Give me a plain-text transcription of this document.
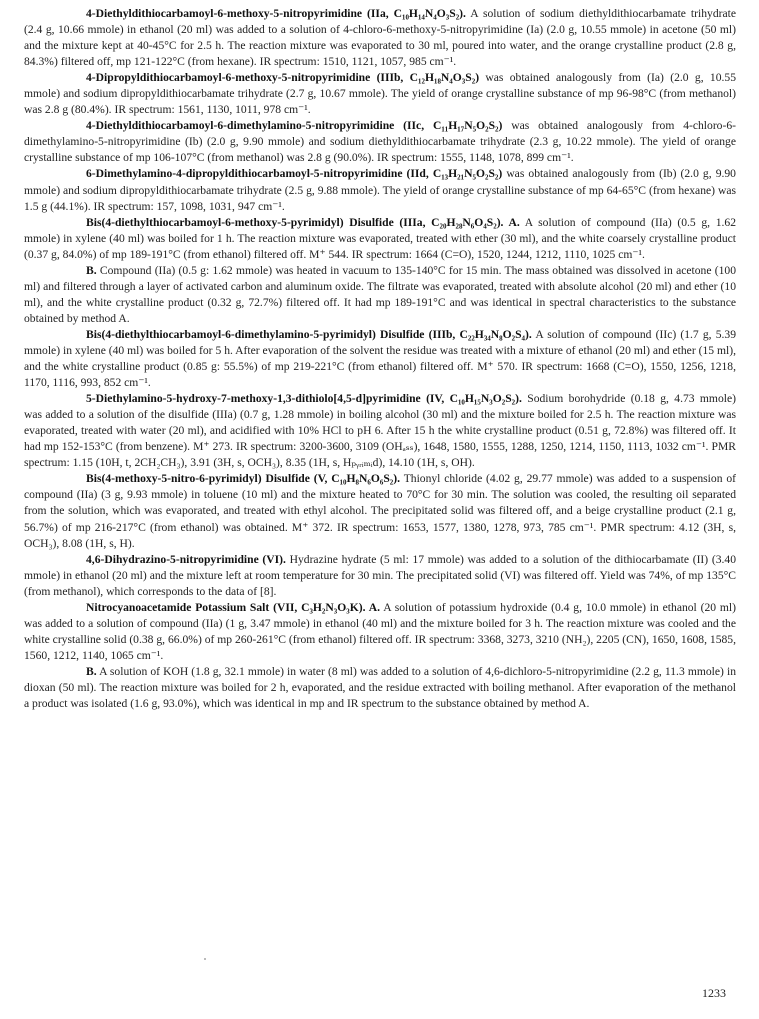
4-Diethyldithiocarbamoyl-6-methoxy-5-nitropyrimidine (IIa, C₁₀H₁₄N₄O₃S₂). A solution of sodium diethyldithiocarbamate trihydrate (2.4 g, 10.66 mmole) in ethanol (20 ml) was added to a solution of 4-chloro-6-methoxy-5-nitropyrimidine (Ia) (2.0 g, 10.55 mmole) in acetone (50 ml) and the mixture kept at 40-45°C for 2.5 h. The reaction mixture was evaporated to 30 ml, poured into water, and the orange crystalline product (2.8 g, 84.3%) filtered off, mp 121-122°C (from hexane). IR spectrum: 1510, 1121, 1057, 985 cm⁻¹.

4-Dipropyldithiocarbamoyl-6-methoxy-5-nitropyrimidine (IIIb, C₁₂H₁₈N₄O₃S₂) was obtained analogously from (Ia) (2.0 g, 10.55 mmole) and sodium dipropyldithiocarbamate trihydrate (2.7 g, 10.67 mmole). The yield of orange crystalline substance of mp 96-98°C (from methanol) was 2.8 g (80.4%). IR spectrum: 1561, 1130, 1011, 978 cm⁻¹.

4-Diethyldithiocarbamoyl-6-dimethylamino-5-nitropyrimidine (IIc, C₁₁H₁₇N₅O₂S₂) was obtained analogously from 4-chloro-6-dimethylamino-5-nitropyrimidine (Ib) (2.0 g, 9.90 mmole) and sodium diethyldithiocarbamate trihydrate (2.3 g, 10.22 mmole). The yield of orange crystalline substance of mp 106-107°C (from methanol) was 2.8 g (90.0%). IR spectrum: 1555, 1148, 1078, 899 cm⁻¹.

6-Dimethylamino-4-dipropyldithiocarbamoyl-5-nitropyrimidine (IId, C₁₃H₂₁N₅O₂S₂) was obtained analogously from (Ib) (2.0 g, 9.90 mmole) and sodium dipropyldithiocarbamate trihydrate (2.5 g, 9.88 mmole). The yield of orange crystalline substance of mp 64-65°C (from hexane) was 1.5 g (44.1%). IR spectrum: 157, 1098, 1031, 947 cm⁻¹.

Bis(4-diethylthiocarbamoyl-6-methoxy-5-pyrimidyl) Disulfide (IIIa, C₂₀H₂₈N₆O₄S₂). A. A solution of compound (IIa) (0.5 g, 1.62 mmole) in xylene (40 ml) was boiled for 1 h. The reaction mixture was evaporated, treated with ether (30 ml), and the white coarsely crystalline product (0.37 g, 84.0%) of mp 189-191°C (from ethanol) filtered off. M⁺ 544. IR spectrum: 1664 (C=O), 1520, 1244, 1212, 1110, 1025 cm⁻¹.

B. Compound (IIa) (0.5 g: 1.62 mmole) was heated in vacuum to 135-140°C for 15 min. The mass obtained was dissolved in acetone (100 ml) and filtered through a layer of activated carbon and aluminum oxide. The filtrate was evaporated, treated with absolute alcohol (20 ml) and ether (10 ml), and the white crystalline product (0.32 g, 72.7%) filtered off. It had mp 189-191°C and was identical in spectral characteristics to the substance obtained by method A.

Bis(4-diethylthiocarbamoyl-6-dimethylamino-5-pyrimidyl) Disulfide (IIIb, C₂₂H₃₄N₈O₂S₄). A solution of compound (IIc) (1.7 g, 5.39 mmole) in xylene (40 ml) was boiled for 5 h. After evaporation of the solvent the residue was treated with a mixture of ethanol (20 ml) and ether (15 ml), and the white crystalline product (0.85 g: 55.5%) of mp 219-221°C (from ethanol) filtered off. M⁺ 570. IR spectrum: 1668 (C=O), 1550, 1256, 1218, 1170, 1116, 993, 852 cm⁻¹.

5-Diethylamino-5-hydroxy-7-methoxy-1,3-dithiolo[4,5-d]pyrimidine (IV, C₁₀H₁₅N₃O₂S₂). Sodium borohydride (0.18 g, 4.73 mmole) was added to a solution of the disulfide (IIIa) (0.7 g, 1.28 mmole) in boiling alcohol (30 ml) and the mixture boiled for 2.5 h. The reaction mixture was evaporated, treated with water (20 ml), and acidified with 10% HCl to pH 6. After 15 h the white crystalline product (0.51 g, 72.8%) was filtered off. It had mp 152-153°C (from benzene). M⁺ 273. IR spectrum: 3200-3600, 3109 (OHₐₛₛ), 1648, 1580, 1555, 1288, 1250, 1214, 1150, 1113, 1032 cm⁻¹. PMR spectrum: 1.15 (10H, t, 2CH₂CH₃), 3.91 (3H, s, OCH₃), 8.35 (1H, s, Hₚᵧᵣᵢₘᵢd), 14.10 (1H, s, OH).

Bis(4-methoxy-5-nitro-6-pyrimidyl) Disulfide (V, C₁₀H₈N₆O₆S₂). Thionyl chloride (4.02 g, 29.77 mmole) was added to a suspension of compound (IIa) (3 g, 9.93 mmole) in toluene (10 ml) and the mixture heated to 70°C for 30 min. The solution was cooled, the resulting oil separated from the solution, which was evaporated, and treated with ethyl alcohol. The precipitated solid was filtered off, and a beige crystalline product (2.1 g, 56.7%) of mp 216-217°C (from ethanol) was obtained. M⁺ 372. IR spectrum: 1653, 1577, 1380, 1278, 973, 785 cm⁻¹. PMR spectrum: 4.12 (3H, s, OCH₃), 8.08 (1H, s, H).

4,6-Dihydrazino-5-nitropyrimidine (VI). Hydrazine hydrate (5 ml: 17 mmole) was added to a solution of the dithiocarbamate (II) (3.40 mmole) in ethanol (20 ml) and the mixture left at room temperature for 30 min. The precipitated solid (VI) was filtered off. Yield was 74%, of mp 135°C (from methanol), which corresponds to the data of [8].

Nitrocyanoacetamide Potassium Salt (VII, C₃H₂N₃O₃K). A. A solution of potassium hydroxide (0.4 g, 10.0 mmole) in ethanol (20 ml) was added to a solution of compound (IIa) (1 g, 3.47 mmole) in ethanol (40 ml) and the mixture boiled for 3 h. The reaction mixture was cooled and the white crystalline solid (0.38 g, 66.0%) of mp 260-261°C (from ethanol) filtered off. IR spectrum: 3368, 3273, 3210 (NH₂), 2205 (CN), 1650, 1608, 1585, 1560, 1212, 1140, 1065 cm⁻¹.

B. A solution of KOH (1.8 g, 32.1 mmole) in water (8 ml) was added to a solution of 4,6-dichloro-5-nitropyrimidine (2.2 g, 11.3 mmole) in dioxan (50 ml). The reaction mixture was boiled for 2 h, evaporated, and the residue extracted with boiling methanol. After evaporation of the methanol a product was isolated (1.6 g, 93.0%), which was identical in mp and IR spectrum to the substance obtained by method A.

1233
